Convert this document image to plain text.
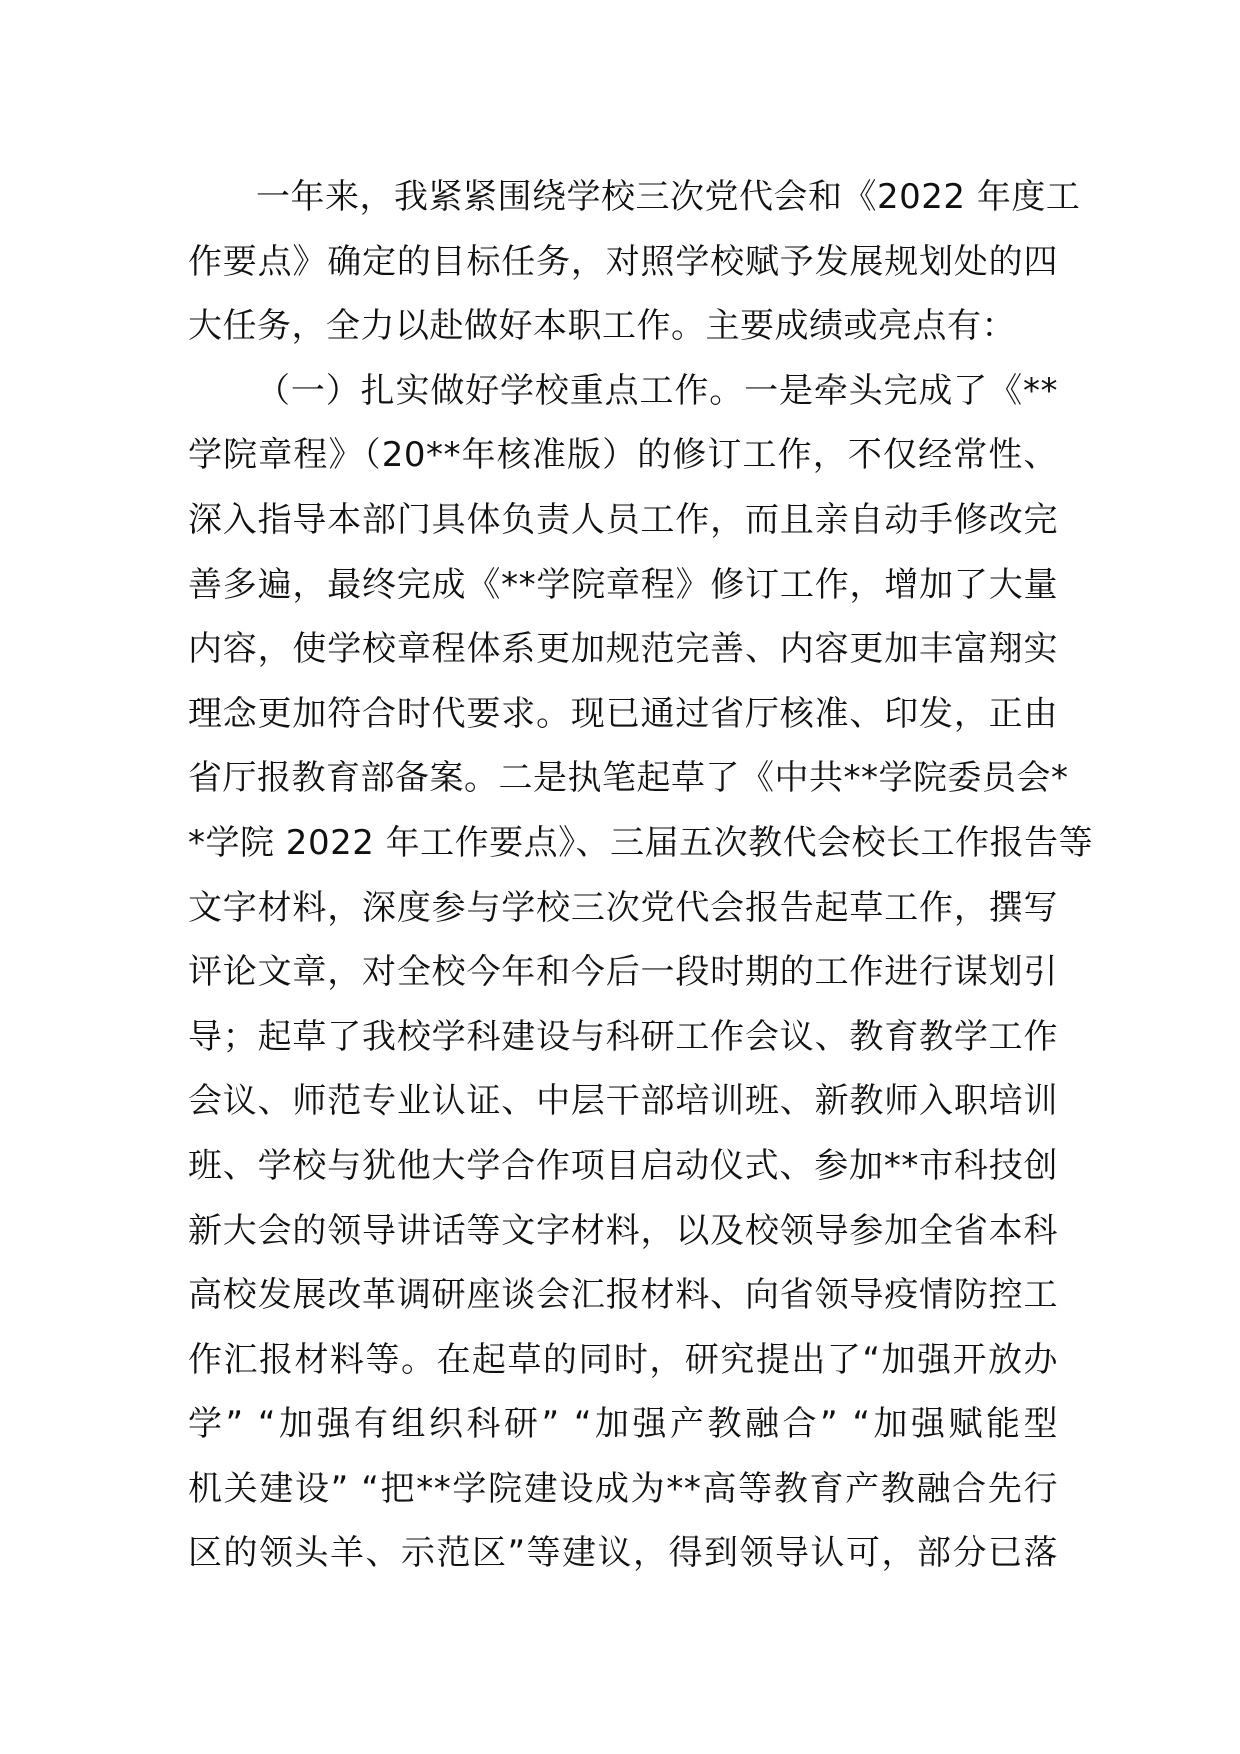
一年来，我紧紧围绕学校三次党代会和《2022 年度工
作要点》确定的目标任务，对照学校赋予发展规划处的四
大任务，全力以赴做好本职工作。主要成绩或亮点有：
（一）扎实做好学校重点工作。一是牵头完成了《**
学院章程》（20**年核准版）的修订工作，不仅经常性、
深入指导本部门具体负责人员工作，而且亲自动手修改完
善多遍，最终完成《**学院章程》修订工作，增加了大量
内容，使学校章程体系更加规范完善、内容更加丰富翔实
理念更加符合时代要求。现已通过省厅核准、印发，正由
省厅报教育部备案。二是执笔起草了《中共**学院委员会*
*学院 2022 年工作要点》、三届五次教代会校长工作报告等
文字材料，深度参与学校三次党代会报告起草工作，撰写
评论文章，对全校今年和今后一段时期的工作进行谋划引
导；起草了我校学科建设与科研工作会议、教育教学工作
会议、师范专业认证、中层干部培训班、新教师入职培训
班、学校与犹他大学合作项目启动仪式、参加**市科技创
新大会的领导讲话等文字材料，以及校领导参加全省本科
高校发展改革调研座谈会汇报材料、向省领导疫情防控工
作汇报材料等。在起草的同时，研究提出了“加强开放办
学” “加强有组织科研” “加强产教融合” “加强赋能型
机关建设” “把**学院建设成为**高等教育产教融合先行
区的领头羊、示范区”等建议，得到领导认可，部分已落
